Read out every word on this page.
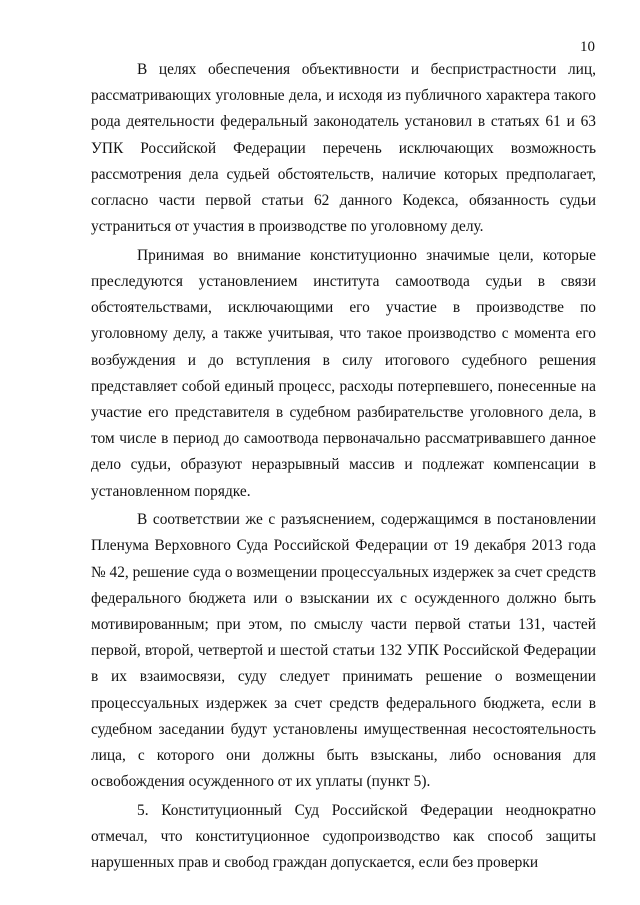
10

В целях обеспечения объективности и беспристрастности лиц, рассматривающих уголовные дела, и исходя из публичного характера такого рода деятельности федеральный законодатель установил в статьях 61 и 63 УПК Российской Федерации перечень исключающих возможность рассмотрения дела судьей обстоятельств, наличие которых предполагает, согласно части первой статьи 62 данного Кодекса, обязанность судьи устраниться от участия в производстве по уголовному делу.

Принимая во внимание конституционно значимые цели, которые преследуются установлением института самоотвода судьи в связи обстоятельствами, исключающими его участие в производстве по уголовному делу, а также учитывая, что такое производство с момента его возбуждения и до вступления в силу итогового судебного решения представляет собой единый процесс, расходы потерпевшего, понесенные на участие его представителя в судебном разбирательстве уголовного дела, в том числе в период до самоотвода первоначально рассматривавшего данное дело судьи, образуют неразрывный массив и подлежат компенсации в установленном порядке.

В соответствии же с разъяснением, содержащимся в постановлении Пленума Верховного Суда Российской Федерации от 19 декабря 2013 года № 42, решение суда о возмещении процессуальных издержек за счет средств федерального бюджета или о взыскании их с осужденного должно быть мотивированным; при этом, по смыслу части первой статьи 131, частей первой, второй, четвертой и шестой статьи 132 УПК Российской Федерации в их взаимосвязи, суду следует принимать решение о возмещении процессуальных издержек за счет средств федерального бюджета, если в судебном заседании будут установлены имущественная несостоятельность лица, с которого они должны быть взысканы, либо основания для освобождения осужденного от их уплаты (пункт 5).

5. Конституционный Суд Российской Федерации неоднократно отмечал, что конституционное судопроизводство как способ защиты нарушенных прав и свобод граждан допускается, если без проверки
